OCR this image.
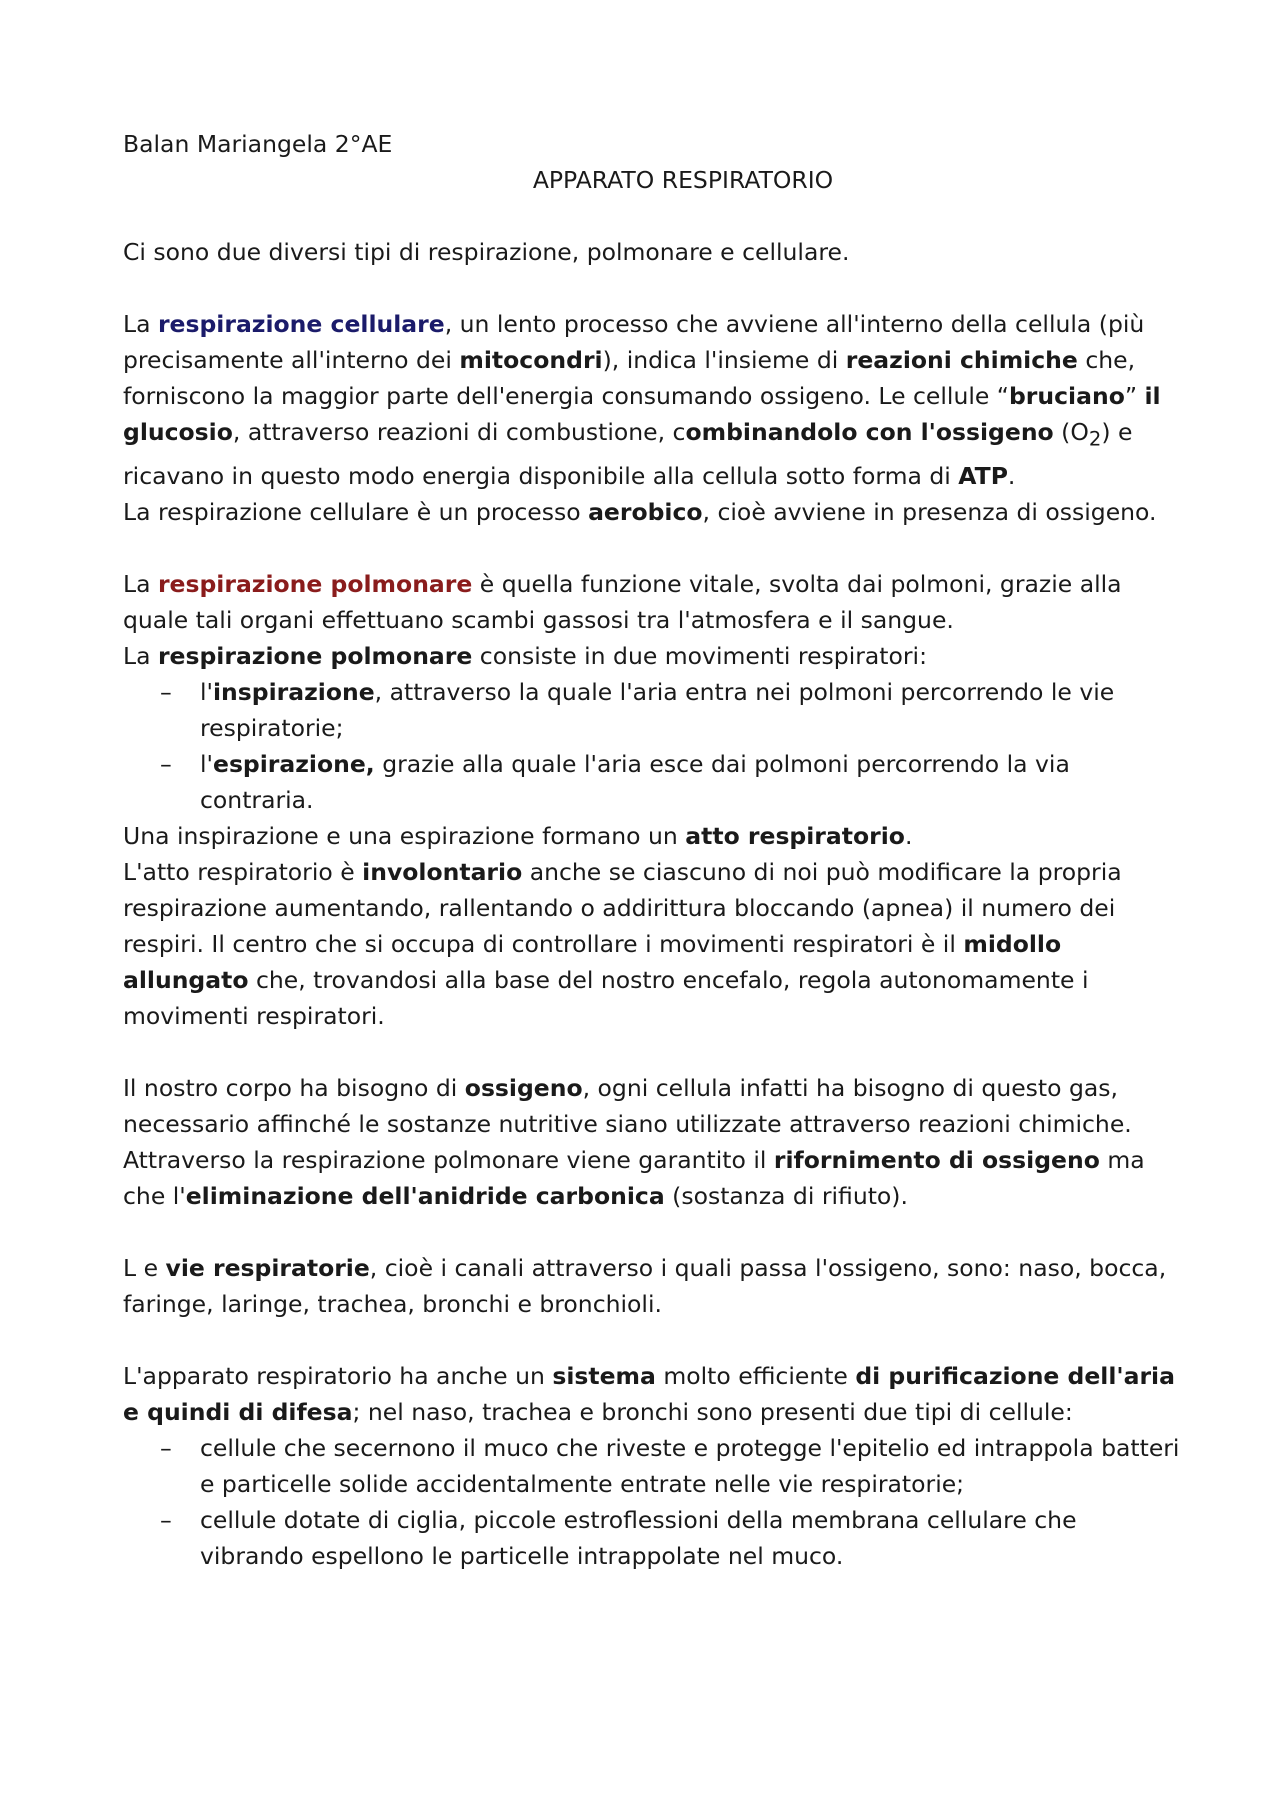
Balan Mariangela 2°AE

APPARATO RESPIRATORIO

Ci sono due diversi tipi di respirazione, polmonare e cellulare.

La respirazione cellulare, un lento processo che avviene all'interno della cellula (più precisamente all'interno dei mitocondri), indica l'insieme di reazioni chimiche che, forniscono la maggior parte dell'energia consumando ossigeno. Le cellule “bruciano” il glucosio, attraverso reazioni di combustione, combinandolo con l'ossigeno $(O_2)$ e ricavano in questo modo energia disponibile alla cellula sotto forma di ATP.

La respirazione cellulare è un processo aerobico, cioè avviene in presenza di ossigeno.

La respirazione polmonare è quella funzione vitale, svolta dai polmoni, grazie alla quale tali organi effettuano scambi gassosi tra l'atmosfera e il sangue.

La respirazione polmonare consiste in due movimenti respiratori:

– l'inspirazione, attraverso la quale l'aria entra nei polmoni percorrendo le vie respiratorie;
– l'espirazione, grazie alla quale l'aria esce dai polmoni percorrendo la via contraria.

Una inspirazione e una espirazione formano un atto respiratorio.

L'atto respiratorio è involontario anche se ciascuno di noi può modificare la propria respirazione aumentando, rallentando o addirittura bloccando (apnea) il numero dei respiri. Il centro che si occupa di controllare i movimenti respiratori è il midollo allungato che, trovandosi alla base del nostro encefalo, regola autonomamente i movimenti respiratori.

Il nostro corpo ha bisogno di ossigeno, ogni cellula infatti ha bisogno di questo gas, necessario affinché le sostanze nutritive siano utilizzate attraverso reazioni chimiche.

Attraverso la respirazione polmonare viene garantito il rifornimento di ossigeno ma che l'eliminazione dell'anidride carbonica (sostanza di rifiuto).

L e vie respiratorie, cioè i canali attraverso i quali passa l'ossigeno, sono: naso, bocca, faringe, laringe, trachea, bronchi e bronchioli.

L'apparato respiratorio ha anche un sistema molto efficiente di purificazione dell'aria e quindi di difesa; nel naso, trachea e bronchi sono presenti due tipi di cellule:

– cellule che secernono il muco che riveste e protegge l'epitelio ed intrappola batteri e particelle solide accidentalmente entrate nelle vie respiratorie;
– cellule dotate di ciglia, piccole estroflessioni della membrana cellulare che vibrando espellono le particelle intrappolate nel muco.
